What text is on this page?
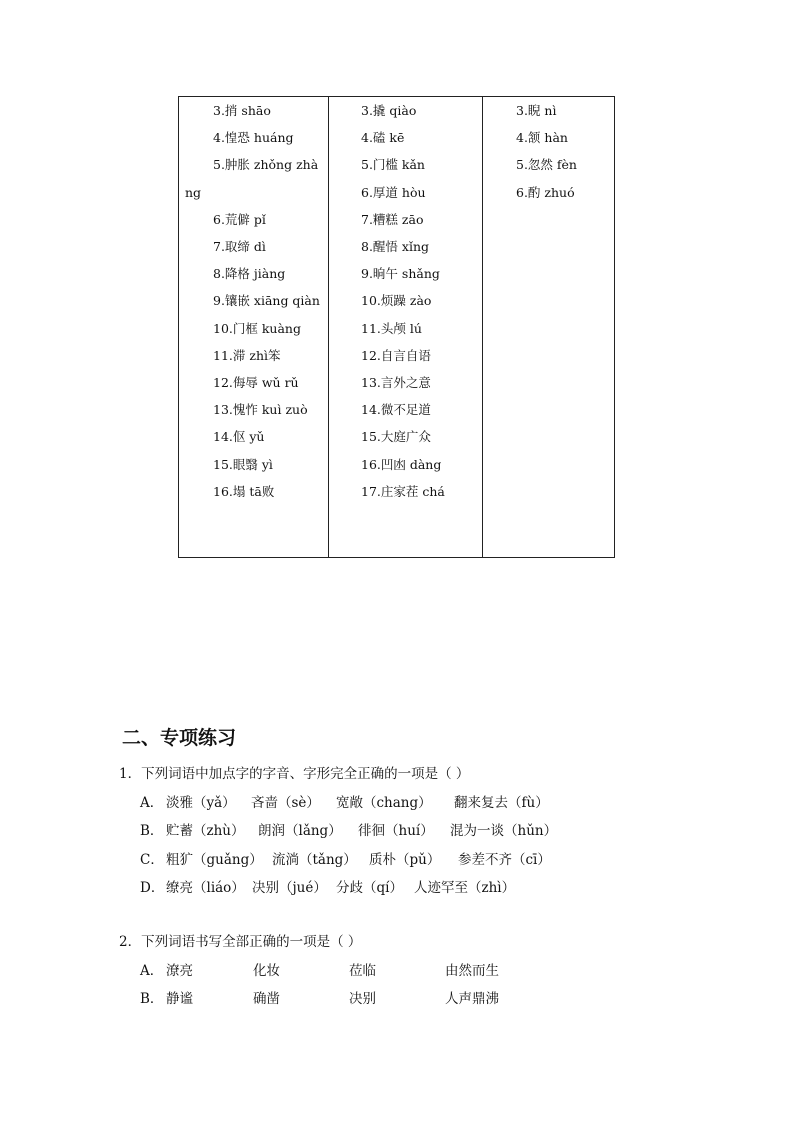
3.捎 shāo
4.惶恐 huáng
5.肿胀 zhǒng zhàng
6.荒僻 pǐ
7.取缔 dì
8.降格 jiàng
9.镶嵌 xiāng qiàn
10.门框 kuàng
11.滞 zhì笨
12.侮辱 wǔ rǔ
13.愧怍 kuì zuò
14.伛 yǔ
15.眼翳 yì
16.塌 tā败
3.撬 qiào
4.磕 kē
5.门槛 kǎn
6.厚道 hòu
7.糟糕 zāo
8.醒悟 xǐng
9.晌午 shǎng
10.烦躁 zào
11.头颅 lú
12.自言自语
13.言外之意
14.微不足道
15.大庭广众
16.凹凼 dàng
17.庄家茬 chá
3.睨 nì
4.颔 hàn
5.忽然 fèn
6.酌 zhuó
二、专项练习
1．下列词语中加点字的字音、字形完全正确的一项是（ ）
A． 淡雅（yǎ） 吝啬（sè） 宽敞（chang） 翻来复去（fù）
B． 贮蓄（zhù） 朗润（lǎng） 徘徊（huí） 混为一谈（hǔn）
C． 粗犷（guǎng） 流淌（tǎng） 质朴（pǔ） 参差不齐（cī）
D． 缭亮（liáo） 决别（jué） 分歧（qí） 人迹罕至（zhì）
2．下列词语书写全部正确的一项是（ ）
A． 潦亮	化妆	莅临	由然而生
B． 静谧	确凿	决别	人声鼎沸
